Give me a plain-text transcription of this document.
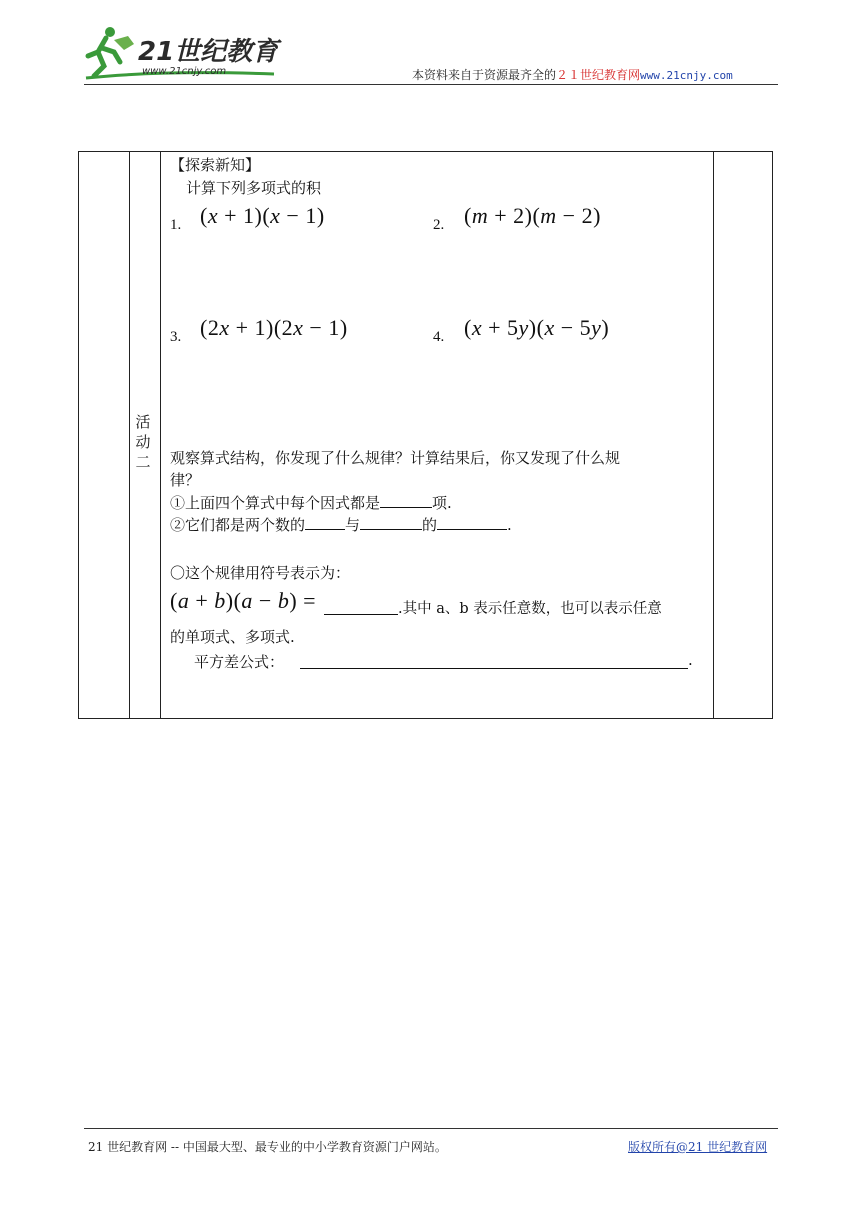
21世纪教育
www.21cnjy.com	本资料来自于资源最齐全的２１世纪教育网www.21cnjy.com
活
动
二
【探索新知】
计算下列多项式的积
1. (x + 1)(x − 1)	2. (m + 2)(m − 2)
3. (2x + 1)(2x − 1)	4. (x + 5y)(x − 5y)
观察算式结构，你发现了什么规律？计算结果后，你又发现了什么规
律？
①上面四个算式中每个因式都是	项.
②它们都是两个数的	与	的	.
〇这个规律用符号表示为：
(a + b)(a − b) =	.其中 a、b 表示任意数，也可以表示任意
的单项式、多项式.
平方差公式：	.
21 世纪教育网 -- 中国最大型、最专业的中小学教育资源门户网站。	版权所有@21 世纪教育网
